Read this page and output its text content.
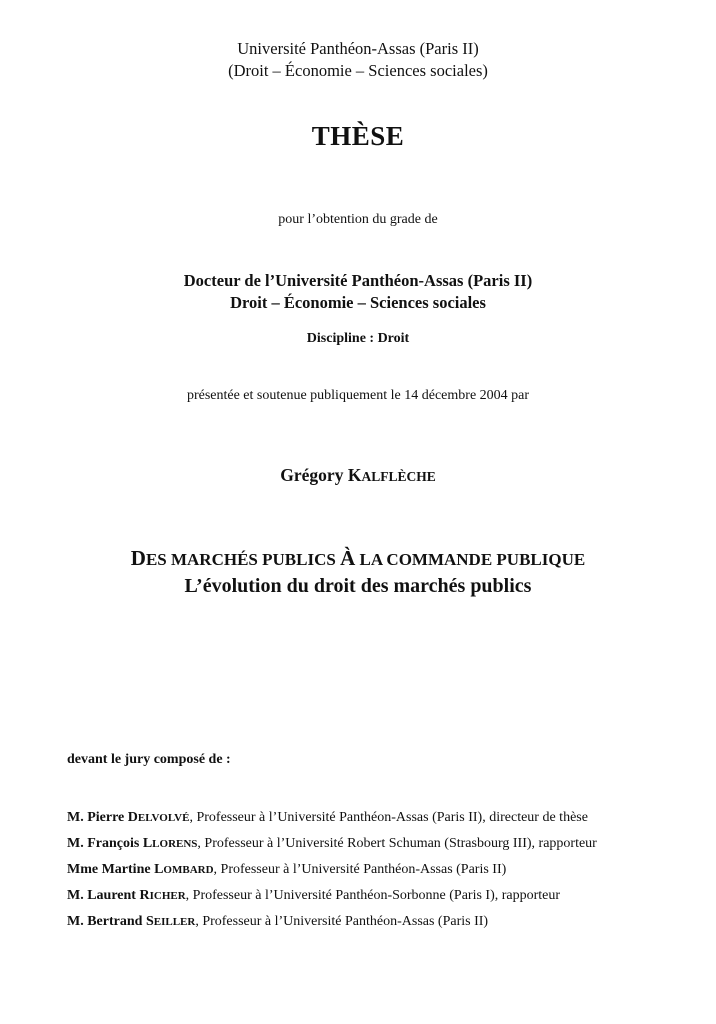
Université Panthéon-Assas (Paris II)
(Droit – Économie – Sciences sociales)
THÈSE
pour l’obtention du grade de
Docteur de l’Université Panthéon-Assas (Paris II)
Droit – Économie – Sciences sociales
Discipline : Droit
présentée et soutenue publiquement le 14 décembre 2004 par
Grégory KALFLÈCHE
DES MARCHÉS PUBLICS À LA COMMANDE PUBLIQUE
L’évolution du droit des marchés publics
devant le jury composé de :
M. Pierre DELVOLVÉ, Professeur à l’Université Panthéon-Assas (Paris II), directeur de thèse
M. François LLORENS, Professeur à l’Université Robert Schuman (Strasbourg III), rapporteur
Mme Martine LOMBARD, Professeur à l’Université Panthéon-Assas (Paris II)
M. Laurent RICHER, Professeur à l’Université Panthéon-Sorbonne (Paris I), rapporteur
M. Bertrand SEILLER, Professeur à l’Université Panthéon-Assas (Paris II)
